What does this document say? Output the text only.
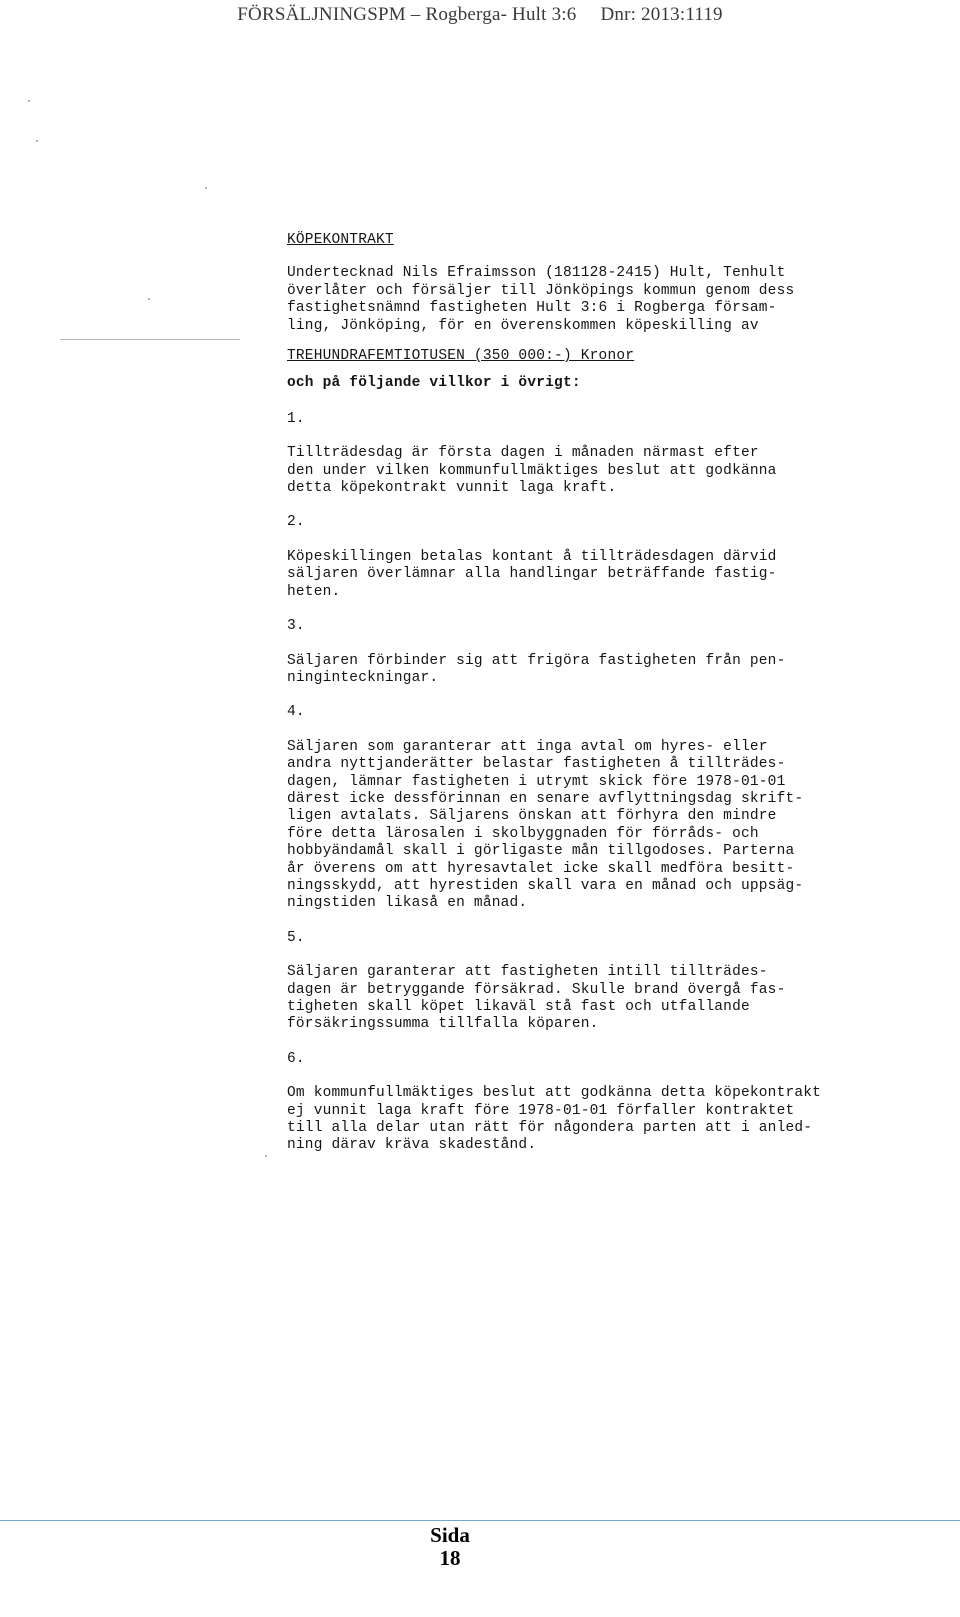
FÖRSÄLJNINGSPM – Rogberga- Hult 3:6 Dnr: 2013:1119

KÖPEKONTRAKT

Undertecknad Nils Efraimsson (181128-2415) Hult, Tenhult
överlåter och försäljer till Jönköpings kommun genom dess
fastighetsnämnd fastigheten Hult 3:6 i Rogberga försam-
ling, Jönköping, för en överenskommen köpeskilling av

TREHUNDRAFEMTIOTUSEN (350 000:-) Kronor

och på följande villkor i övrigt:

1.

Tillträdesdag är första dagen i månaden närmast efter
den under vilken kommunfullmäktiges beslut att godkänna
detta köpekontrakt vunnit laga kraft.

2.

Köpeskillingen betalas kontant å tillträdesdagen därvid
säljaren överlämnar alla handlingar beträffande fastig-
heten.

3.

Säljaren förbinder sig att frigöra fastigheten från pen-
ninginteckningar.

4.

Säljaren som garanterar att inga avtal om hyres- eller
andra nyttjanderätter belastar fastigheten å tillträdes-
dagen, lämnar fastigheten i utrymt skick före 1978-01-01
därest icke dessförinnan en senare avflyttningsdag skrift-
ligen avtalats. Säljarens önskan att förhyra den mindre
före detta lärosalen i skolbyggnaden för förråds- och
hobbyändamål skall i görligaste mån tillgodoses. Parterna
år överens om att hyresavtalet icke skall medföra besitt-
ningsskydd, att hyrestiden skall vara en månad och uppsäg-
ningstiden likaså en månad.

5.

Säljaren garanterar att fastigheten intill tillträdes-
dagen är betryggande försäkrad. Skulle brand övergå fas-
tigheten skall köpet likaväl stå fast och utfallande
försäkringssumma tillfalla köparen.

6.

Om kommunfullmäktiges beslut att godkänna detta köpekontrakt
ej vunnit laga kraft före 1978-01-01 förfaller kontraktet
till alla delar utan rätt för någondera parten att i anled-
ning därav kräva skadestånd.

Sida
18
